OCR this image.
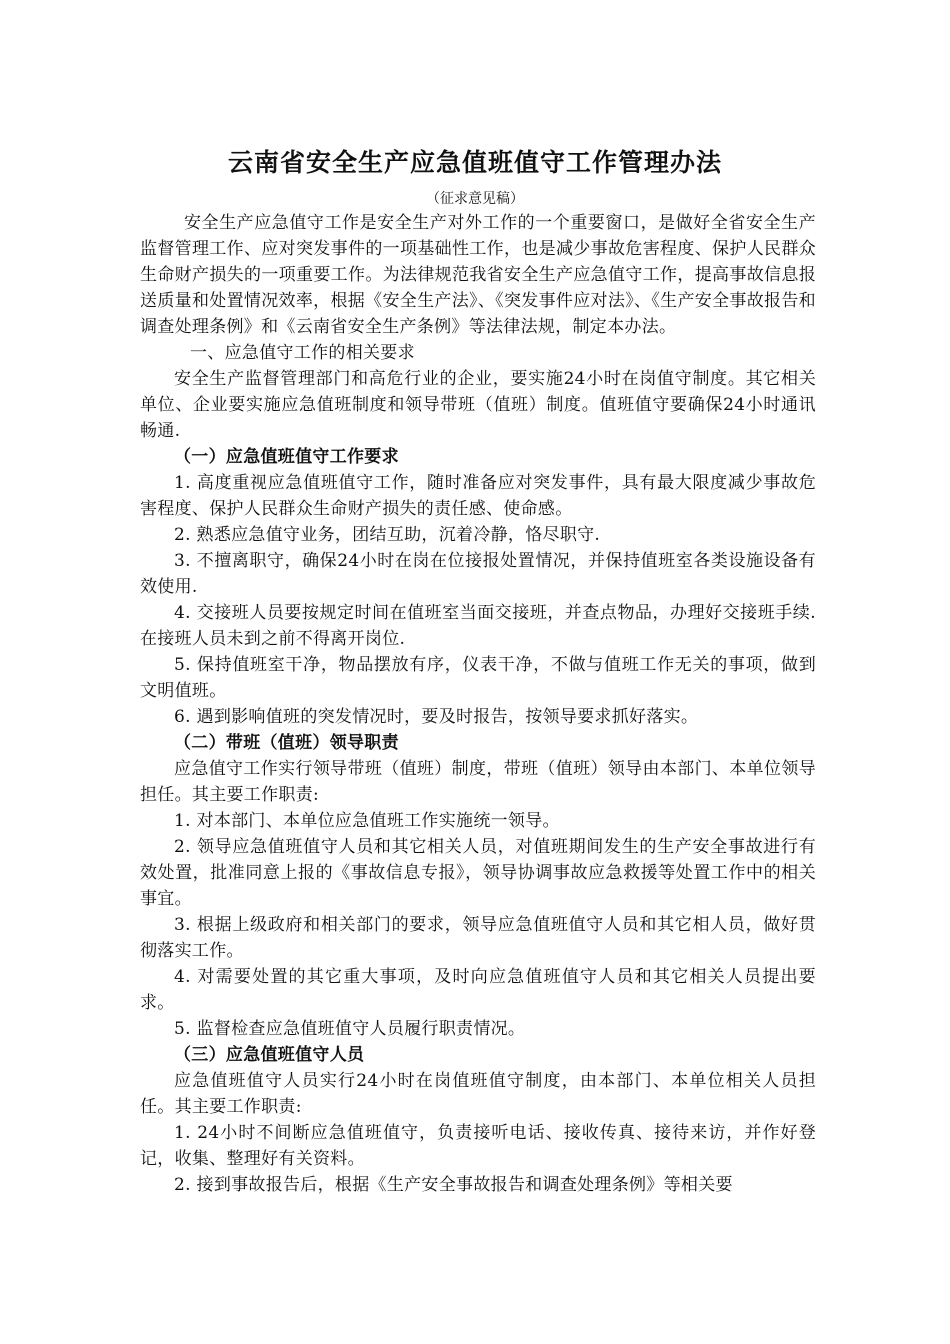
云南省安全生产应急值班值守工作管理办法
（征求意见稿）

安全生产应急值守工作是安全生产对外工作的一个重要窗口，是做好全省安全生产监督管理工作、应对突发事件的一项基础性工作，也是减少事故危害程度、保护人民群众生命财产损失的一项重要工作。为法律规范我省安全生产应急值守工作，提高事故信息报送质量和处置情况效率，根据《安全生产法》、《突发事件应对法》、《生产安全事故报告和调查处理条例》和《云南省安全生产条例》等法律法规，制定本办法。

一、应急值守工作的相关要求

安全生产监督管理部门和高危行业的企业，要实施24小时在岗值守制度。其它相关单位、企业要实施应急值班制度和领导带班（值班）制度。值班值守要确保24小时通讯畅通.

（一）应急值班值守工作要求

1. 高度重视应急值班值守工作，随时准备应对突发事件，具有最大限度减少事故危害程度、保护人民群众生命财产损失的责任感、使命感。

2. 熟悉应急值守业务，团结互助，沉着冷静，恪尽职守.

3. 不擅离职守，确保24小时在岗在位接报处置情况，并保持值班室各类设施设备有效使用.

4. 交接班人员要按规定时间在值班室当面交接班，并查点物品，办理好交接班手续. 在接班人员未到之前不得离开岗位.

5. 保持值班室干净，物品摆放有序，仪表干净，不做与值班工作无关的事项，做到文明值班。

6. 遇到影响值班的突发情况时，要及时报告，按领导要求抓好落实。

（二）带班（值班）领导职责

应急值守工作实行领导带班（值班）制度，带班（值班）领导由本部门、本单位领导担任。其主要工作职责:

1. 对本部门、本单位应急值班工作实施统一领导。

2. 领导应急值班值守人员和其它相关人员，对值班期间发生的生产安全事故进行有效处置，批准同意上报的《事故信息专报》，领导协调事故应急救援等处置工作中的相关事宜。

3. 根据上级政府和相关部门的要求，领导应急值班值守人员和其它相人员，做好贯彻落实工作。

4. 对需要处置的其它重大事项，及时向应急值班值守人员和其它相关人员提出要求。

5. 监督检查应急值班值守人员履行职责情况。

（三）应急值班值守人员

应急值班值守人员实行24小时在岗值班值守制度，由本部门、本单位相关人员担任。其主要工作职责:

1. 24小时不间断应急值班值守，负责接听电话、接收传真、接待来访，并作好登记，收集、整理好有关资料。

2. 接到事故报告后，根据《生产安全事故报告和调查处理条例》等相关要
